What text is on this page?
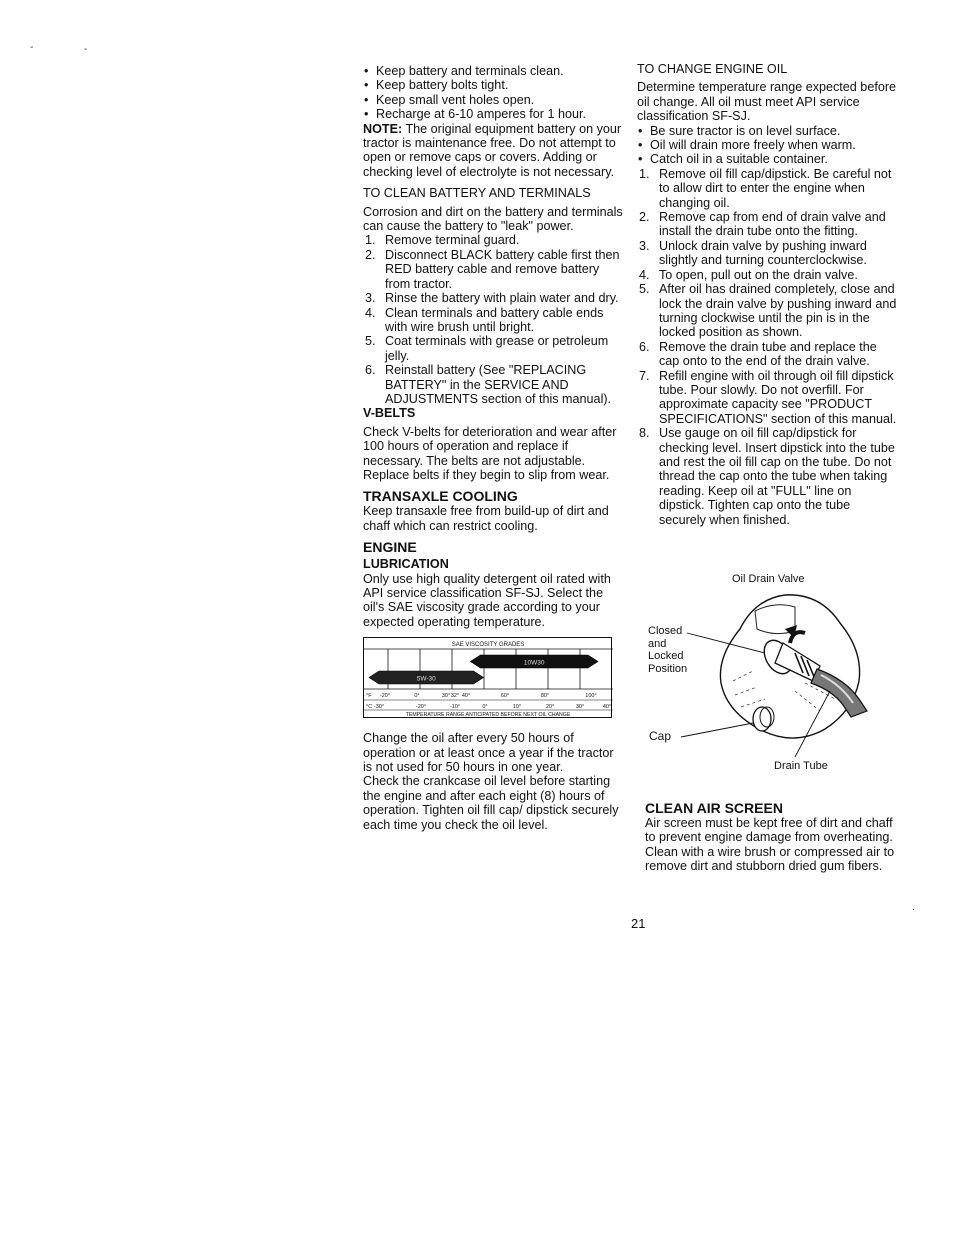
-	-
.
• Keep battery and terminals clean.
• Keep battery bolts tight.
• Keep small vent holes open.
• Recharge at 6-10 amperes for 1 hour.

NOTE: The original equipment battery on your tractor is maintenance free. Do not attempt to open or remove caps or covers. Adding or checking level of electrolyte is not necessary.

TO CLEAN BATTERY AND TERMINALS

Corrosion and dirt on the battery and terminals can cause the battery to "leak" power.

1. Remove terminal guard.
2. Disconnect BLACK battery cable first then RED battery cable and remove battery from tractor.
3. Rinse the battery with plain water and dry.
4. Clean terminals and battery cable ends with wire brush until bright.
5. Coat terminals with grease or petroleum jelly.
6. Reinstall battery (See "REPLACING BATTERY" in the SERVICE AND ADJUSTMENTS section of this manual).

V-BELTS

Check V-belts for deterioration and wear after 100 hours of operation and replace if necessary. The belts are not adjustable. Replace belts if they begin to slip from wear.

TRANSAXLE COOLING

Keep transaxle free from build-up of dirt and chaff which can restrict cooling.

ENGINE

LUBRICATION

Only use high quality detergent oil rated with API service classification SF-SJ. Select the oil's SAE viscosity grade according to your expected operating temperature.

SAE VISCOSITY GRADES
5W-30
10W30
°F -20°	0°	30° 32° 40°	60°	80°	100°
°C -30°	-20°	-10°	0°	10°	20°	30°	40°
TEMPERATURE RANGE ANTICIPATED BEFORE NEXT OIL CHANGE

Change the oil after every 50 hours of operation or at least once a year if the tractor is not used for 50 hours in one year.

Check the crankcase oil level before starting the engine and after each eight (8) hours of operation. Tighten oil fill cap/ dipstick securely each time you check the oil level.

21

TO CHANGE ENGINE OIL

Determine temperature range expected before oil change. All oil must meet API service classification SF-SJ.

• Be sure tractor is on level surface.
• Oil will drain more freely when warm.
• Catch oil in a suitable container.
1. Remove oil fill cap/dipstick. Be careful not to allow dirt to enter the engine when changing oil.
2. Remove cap from end of drain valve and install the drain tube onto the fitting.
3. Unlock drain valve by pushing inward slightly and turning counterclockwise.
4. To open, pull out on the drain valve.
5. After oil has drained completely, close and lock the drain valve by pushing inward and turning clockwise until the pin is in the locked position as shown.
6. Remove the drain tube and replace the cap onto to the end of the drain valve.
7. Refill engine with oil through oil fill dipstick tube. Pour slowly. Do not overfill. For approximate capacity see "PRODUCT SPECIFICATIONS" section of this manual.
8. Use gauge on oil fill cap/dipstick for checking level. Insert dipstick into the tube and rest the oil fill cap on the tube. Do not thread the cap onto the tube when taking reading. Keep oil at "FULL" line on dipstick. Tighten cap onto the tube securely when finished.
Oil Drain Valve
Closed
and
Locked
Position
Cap
Drain Tube

CLEAN AIR SCREEN

Air screen must be kept free of dirt and chaff to prevent engine damage from overheating. Clean with a wire brush or compressed air to remove dirt and stubborn dried gum fibers.
